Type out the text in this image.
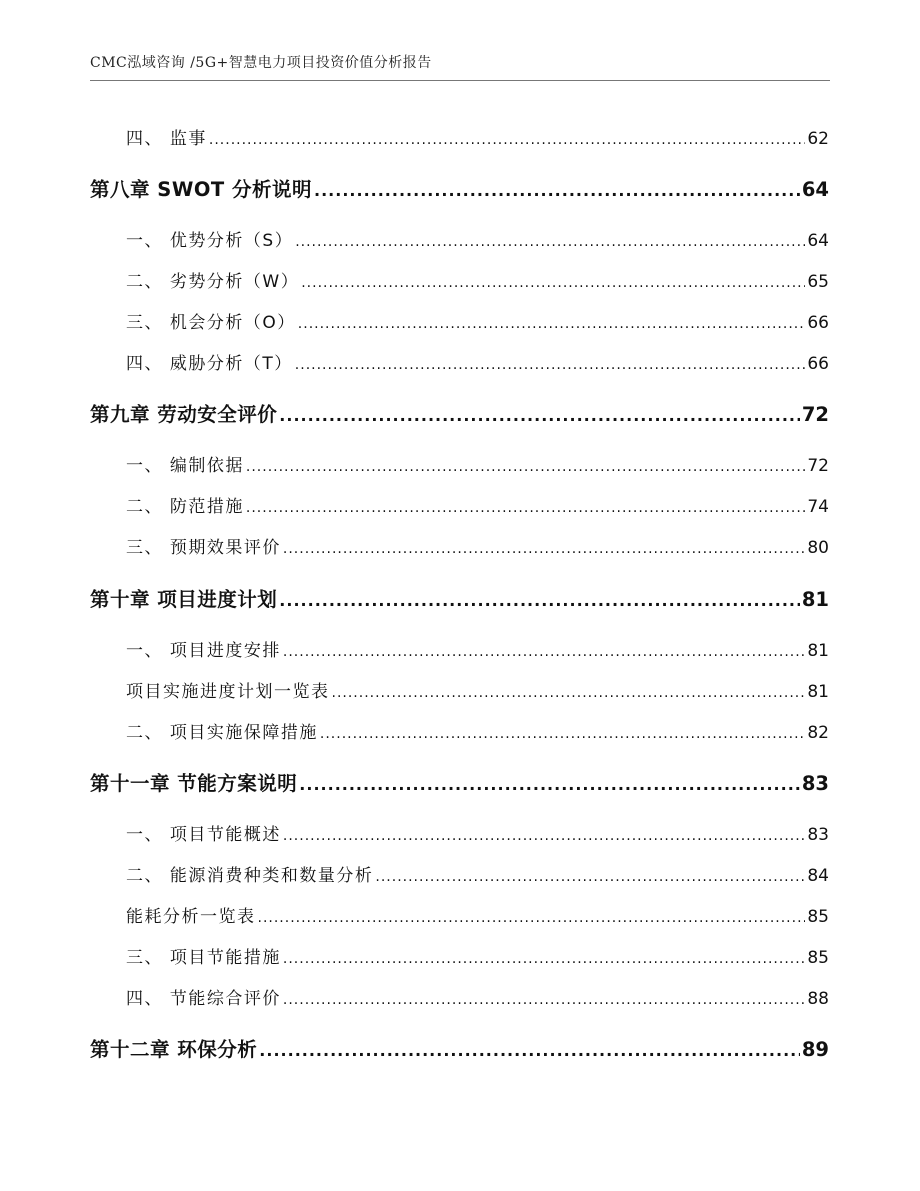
CMC泓域咨询 /5G+智慧电力项目投资价值分析报告
四、 监事 .....	62
第八章 SWOT 分析说明 .....	64
一、 优势分析（S） .....	64
二、 劣势分析（W） .....	65
三、 机会分析（O） .....	66
四、 威胁分析（T） .....	66
第九章 劳动安全评价 .....	72
一、 编制依据 .....	72
二、 防范措施 .....	74
三、 预期效果评价 .....	80
第十章 项目进度计划 .....	81
一、 项目进度安排 .....	81
项目实施进度计划一览表 .....	81
二、 项目实施保障措施 .....	82
第十一章 节能方案说明 .....	83
一、 项目节能概述 .....	83
二、 能源消费种类和数量分析 .....	84
能耗分析一览表 .....	85
三、 项目节能措施 .....	85
四、 节能综合评价 .....	88
第十二章 环保分析 .....	89
